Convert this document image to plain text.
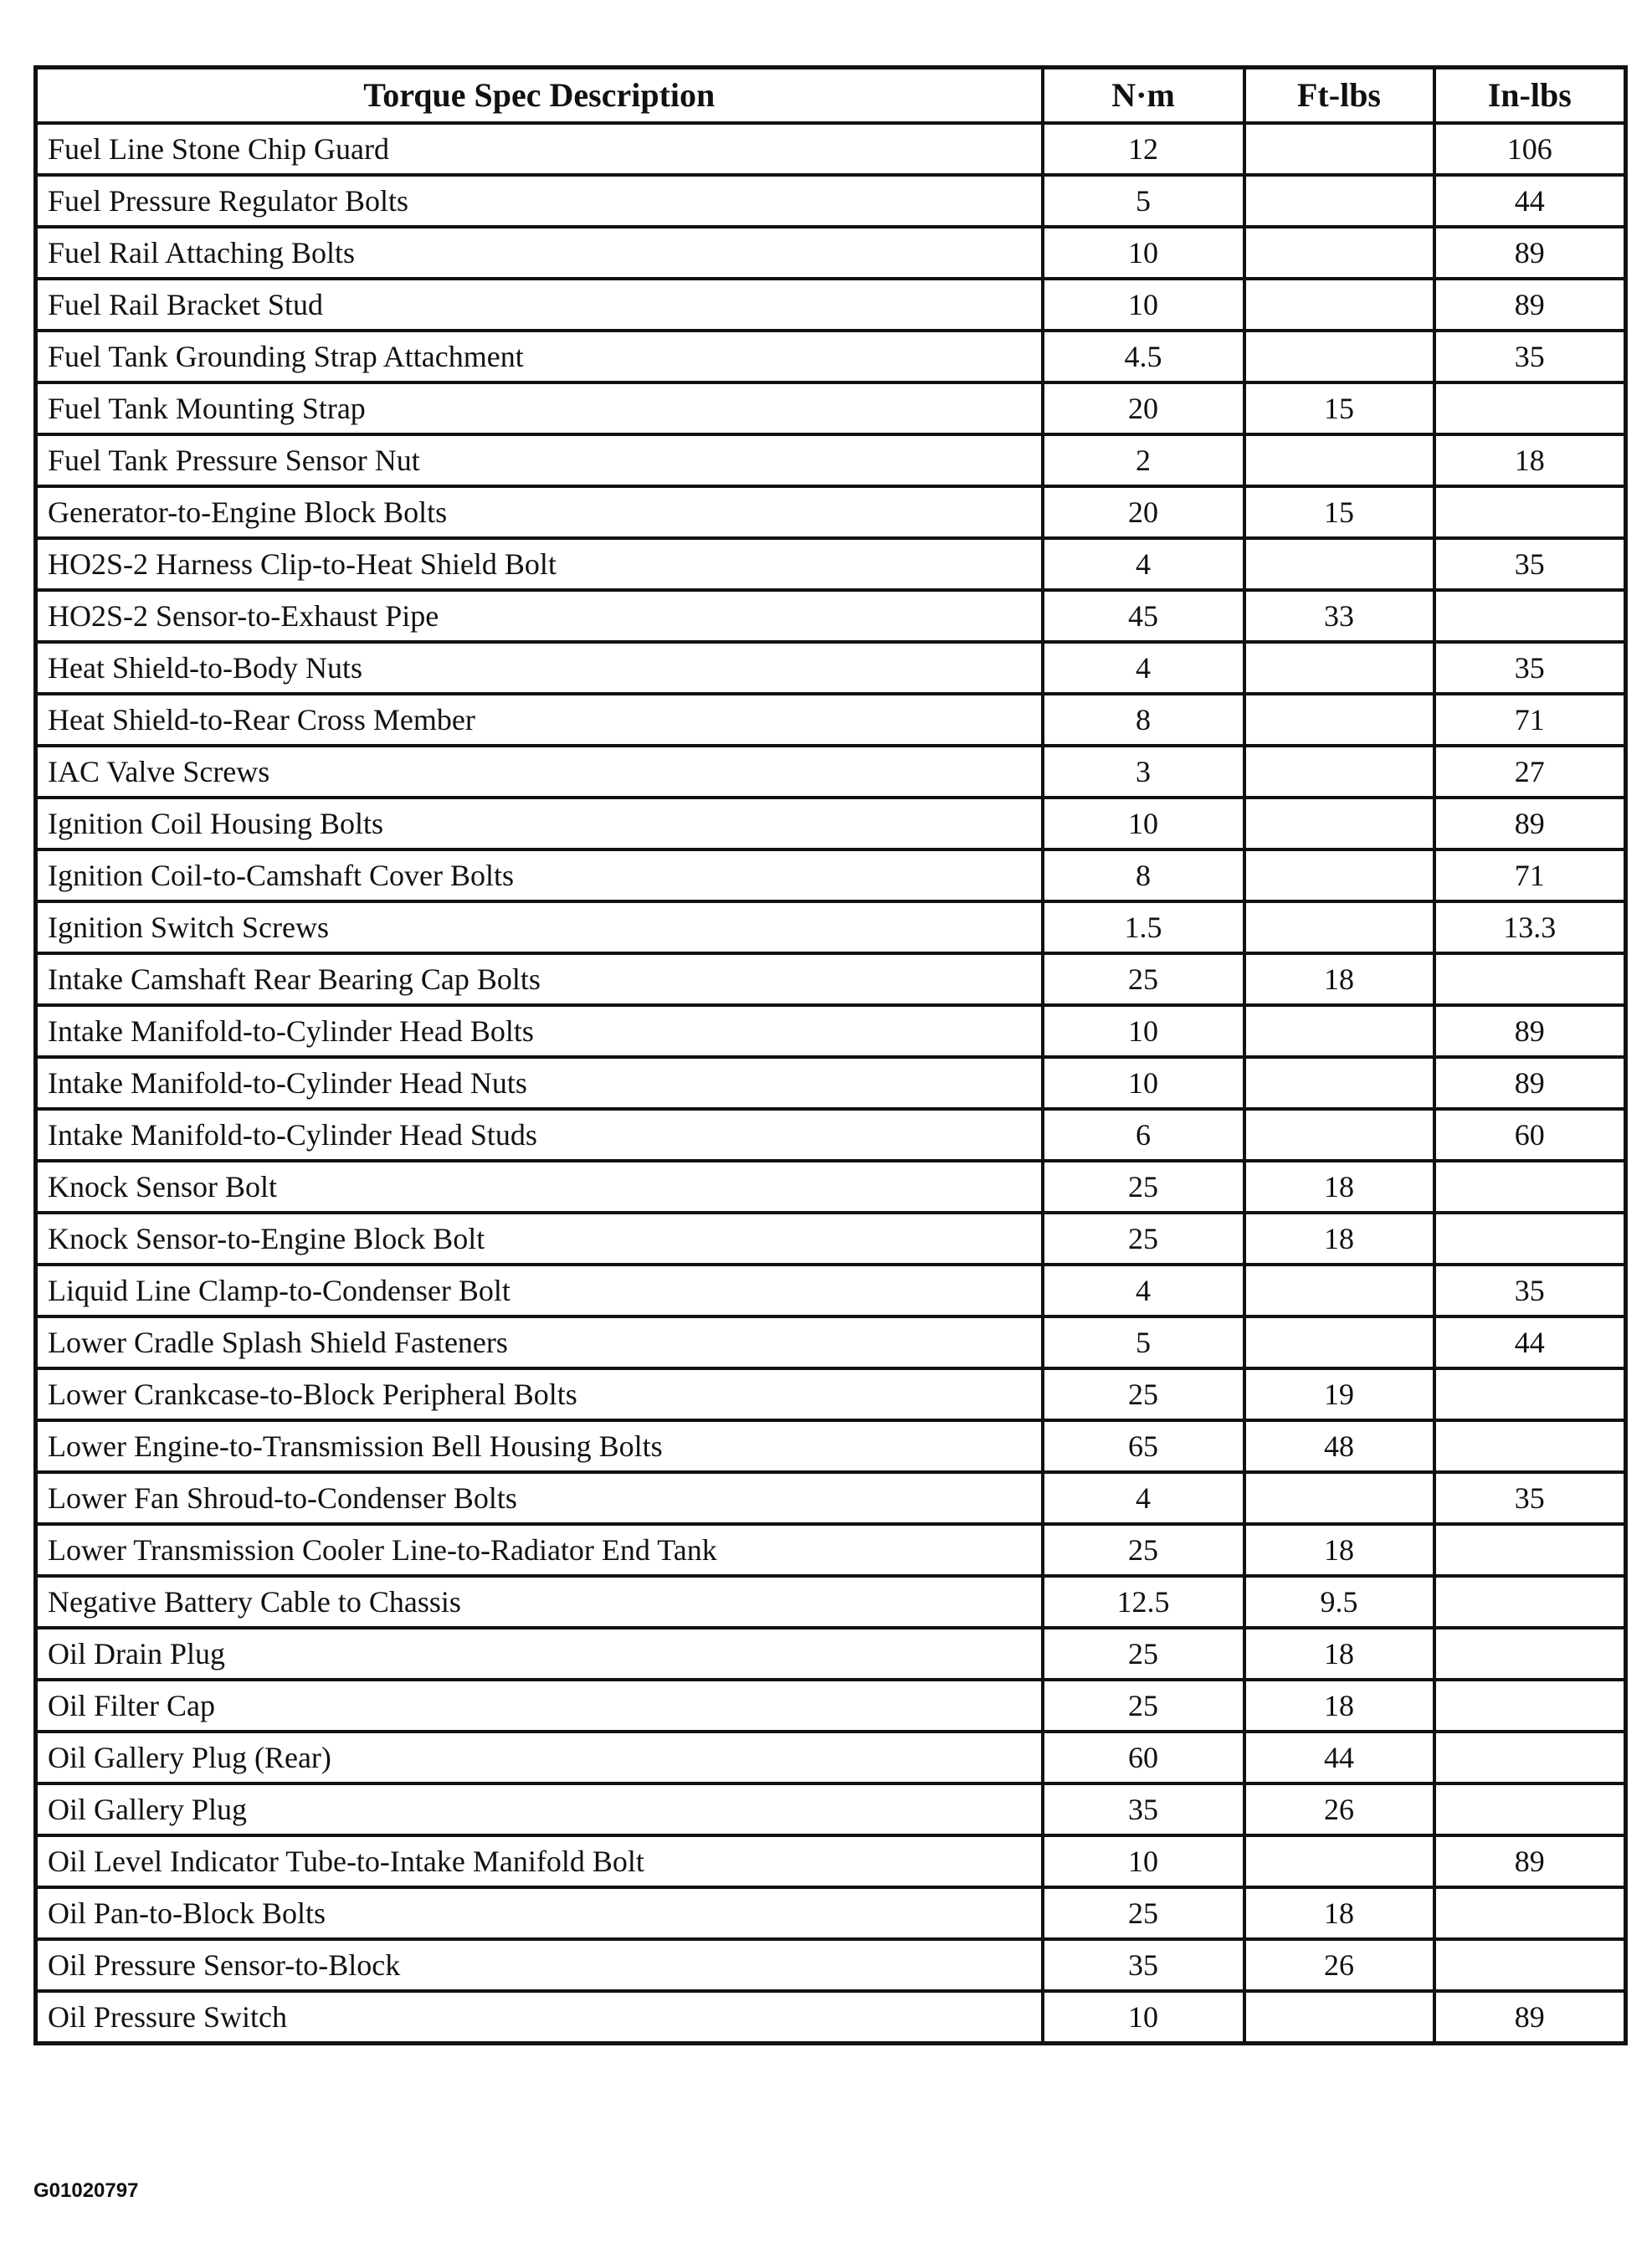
Torque Spec Description	N·m	Ft-lbs	In-lbs
Fuel Line Stone Chip Guard	12		106
Fuel Pressure Regulator Bolts	5		44
Fuel Rail Attaching Bolts	10		89
Fuel Rail Bracket Stud	10		89
Fuel Tank Grounding Strap Attachment	4.5		35
Fuel Tank Mounting Strap	20	15	
Fuel Tank Pressure Sensor Nut	2		18
Generator-to-Engine Block Bolts	20	15	
HO2S-2 Harness Clip-to-Heat Shield Bolt	4		35
HO2S-2 Sensor-to-Exhaust Pipe	45	33	
Heat Shield-to-Body Nuts	4		35
Heat Shield-to-Rear Cross Member	8		71
IAC Valve Screws	3		27
Ignition Coil Housing Bolts	10		89
Ignition Coil-to-Camshaft Cover Bolts	8		71
Ignition Switch Screws	1.5		13.3
Intake Camshaft Rear Bearing Cap Bolts	25	18	
Intake Manifold-to-Cylinder Head Bolts	10		89
Intake Manifold-to-Cylinder Head Nuts	10		89
Intake Manifold-to-Cylinder Head Studs	6		60
Knock Sensor Bolt	25	18	
Knock Sensor-to-Engine Block Bolt	25	18	
Liquid Line Clamp-to-Condenser Bolt	4		35
Lower Cradle Splash Shield Fasteners	5		44
Lower Crankcase-to-Block Peripheral Bolts	25	19	
Lower Engine-to-Transmission Bell Housing Bolts	65	48	
Lower Fan Shroud-to-Condenser Bolts	4		35
Lower Transmission Cooler Line-to-Radiator End Tank	25	18	
Negative Battery Cable to Chassis	12.5	9.5	
Oil Drain Plug	25	18	
Oil Filter Cap	25	18	
Oil Gallery Plug (Rear)	60	44	
Oil Gallery Plug	35	26	
Oil Level Indicator Tube-to-Intake Manifold Bolt	10		89
Oil Pan-to-Block Bolts	25	18	
Oil Pressure Sensor-to-Block	35	26	
Oil Pressure Switch	10		89
G01020797
